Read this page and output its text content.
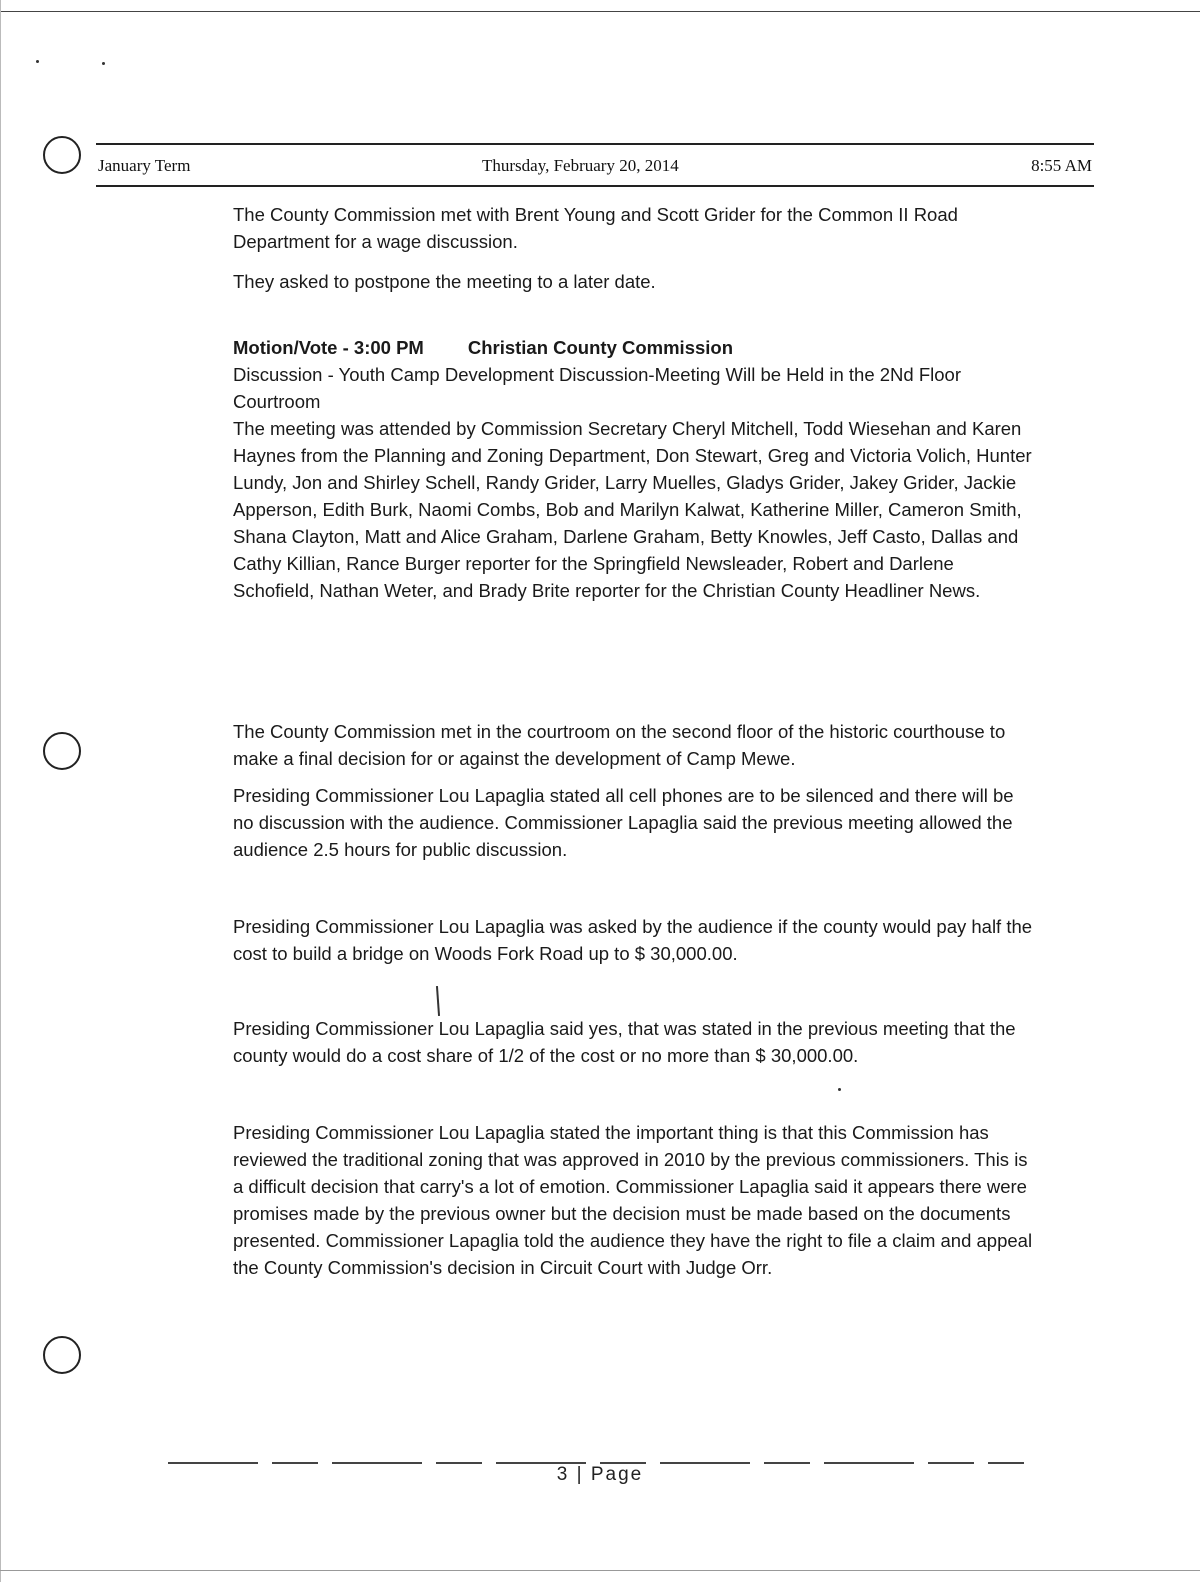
January Term	Thursday, February 20, 2014	8:55 AM

The County Commission met with Brent Young and Scott Grider for the Common II Road Department for a wage discussion.

They asked to postpone the meeting to a later date.

Motion/Vote - 3:00 PM Christian County Commission

Discussion - Youth Camp Development Discussion-Meeting Will be Held in the 2Nd Floor Courtroom

The meeting was attended by Commission Secretary Cheryl Mitchell, Todd Wiesehan and Karen Haynes from the Planning and Zoning Department, Don Stewart, Greg and Victoria Volich, Hunter Lundy, Jon and Shirley Schell, Randy Grider, Larry Muelles, Gladys Grider, Jakey Grider, Jackie Apperson, Edith Burk, Naomi Combs, Bob and Marilyn Kalwat, Katherine Miller, Cameron Smith, Shana Clayton, Matt and Alice Graham, Darlene Graham, Betty Knowles, Jeff Casto, Dallas and Cathy Killian, Rance Burger reporter for the Springfield Newsleader, Robert and Darlene Schofield, Nathan Weter, and Brady Brite reporter for the Christian County Headliner News.

The County Commission met in the courtroom on the second floor of the historic courthouse to make a final decision for or against the development of Camp Mewe.

Presiding Commissioner Lou Lapaglia stated all cell phones are to be silenced and there will be no discussion with the audience. Commissioner Lapaglia said the previous meeting allowed the audience 2.5 hours for public discussion.

Presiding Commissioner Lou Lapaglia was asked by the audience if the county would pay half the cost to build a bridge on Woods Fork Road up to $ 30,000.00.

Presiding Commissioner Lou Lapaglia said yes, that was stated in the previous meeting that the county would do a cost share of 1/2 of the cost or no more than $ 30,000.00.

Presiding Commissioner Lou Lapaglia stated the important thing is that this Commission has reviewed the traditional zoning that was approved in 2010 by the previous commissioners. This is a difficult decision that carry's a lot of emotion. Commissioner Lapaglia said it appears there were promises made by the previous owner but the decision must be made based on the documents presented. Commissioner Lapaglia told the audience they have the right to file a claim and appeal the County Commission's decision in Circuit Court with Judge Orr.

3 | Page
